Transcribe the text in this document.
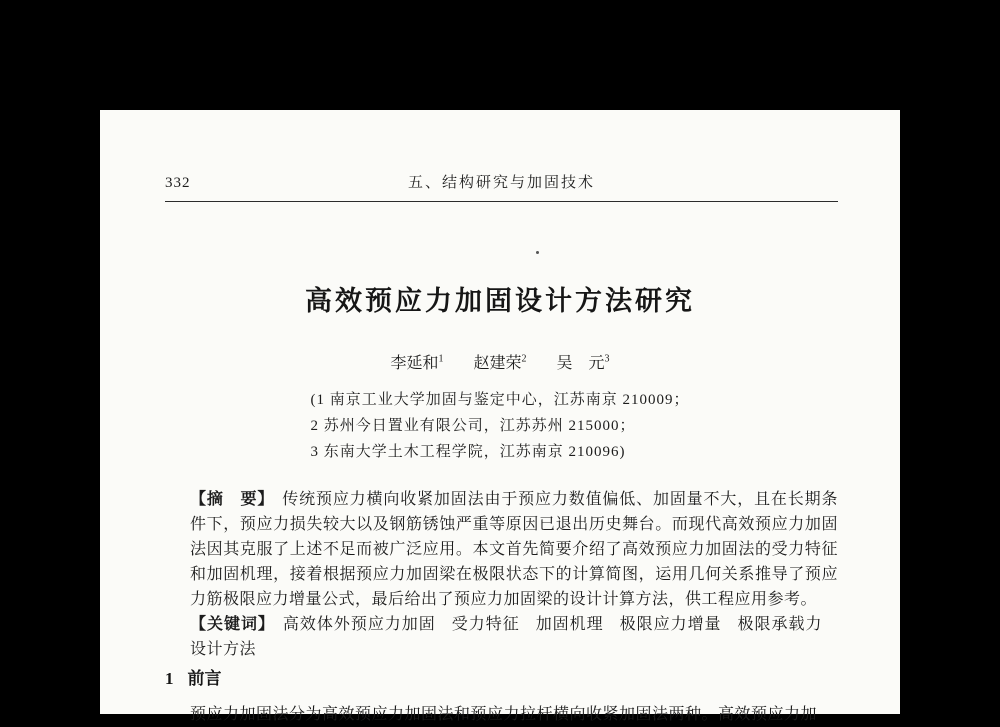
332	五、结构研究与加固技术
高效预应力加固设计方法研究
李延和$^1$ 赵建荣$^2$ 吴　元$^3$
(1 南京工业大学加固与鉴定中心，江苏南京 210009；
2 苏州今日置业有限公司，江苏苏州 215000；
3 东南大学土木工程学院，江苏南京 210096)

【摘　要】 传统预应力横向收紧加固法由于预应力数值偏低、加固量不大，且在长期条件下，预应力损失较大以及钢筋锈蚀严重等原因已退出历史舞台。而现代高效预应力加固法因其克服了上述不足而被广泛应用。本文首先简要介绍了高效预应力加固法的受力特征和加固机理，接着根据预应力加固梁在极限状态下的计算简图，运用几何关系推导了预应力筋极限应力增量公式，最后给出了预应力加固梁的设计计算方法，供工程应用参考。

【关键词】 高效体外预应力加固 受力特征 加固机理 极限应力增量 极限承载力设计方法

1 前言

预应力加固法分为高效预应力加固法和预应力拉杆横向收紧加固法两种。高效预应力加
